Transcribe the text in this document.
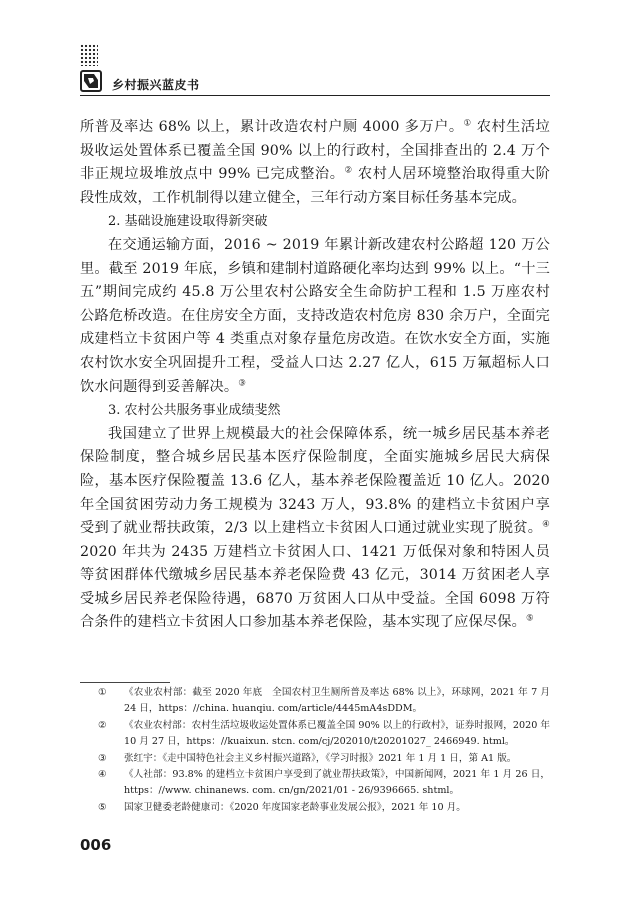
乡村振兴蓝皮书

所普及率达 68% 以上，累计改造农村户厕 4000 多万户。① 农村生活垃圾收运处置体系已覆盖全国 90% 以上的行政村，全国排查出的 2.4 万个非正规垃圾堆放点中 99% 已完成整治。② 农村人居环境整治取得重大阶段性成效，工作机制得以建立健全，三年行动方案目标任务基本完成。

2. 基础设施建设取得新突破

在交通运输方面，2016 ~ 2019 年累计新改建农村公路超 120 万公里。截至 2019 年底，乡镇和建制村道路硬化率均达到 99% 以上。“十三五”期间完成约 45.8 万公里农村公路安全生命防护工程和 1.5 万座农村公路危桥改造。在住房安全方面，支持改造农村危房 830 余万户，全面完成建档立卡贫困户等 4 类重点对象存量危房改造。在饮水安全方面，实施农村饮水安全巩固提升工程，受益人口达 2.27 亿人，615 万氟超标人口饮水问题得到妥善解决。③

3. 农村公共服务事业成绩斐然

我国建立了世界上规模最大的社会保障体系，统一城乡居民基本养老保险制度，整合城乡居民基本医疗保险制度，全面实施城乡居民大病保险，基本医疗保险覆盖 13.6 亿人，基本养老保险覆盖近 10 亿人。2020 年全国贫困劳动力务工规模为 3243 万人，93.8% 的建档立卡贫困户享受到了就业帮扶政策，2/3 以上建档立卡贫困人口通过就业实现了脱贫。④ 2020 年共为 2435 万建档立卡贫困人口、1421 万低保对象和特困人员等贫困群体代缴城乡居民基本养老保险费 43 亿元，3014 万贫困老人享受城乡居民养老保险待遇，6870 万贫困人口从中受益。全国 6098 万符合条件的建档立卡贫困人口参加基本养老保险，基本实现了应保尽保。⑤

① 《农业农村部：截至 2020 年底　全国农村卫生厕所普及率达 68% 以上》，环球网，2021 年 7 月 24 日，https：//china. huanqiu. com/article/4445mA4sDDM。
② 《农业农村部：农村生活垃圾收运处置体系已覆盖全国 90% 以上的行政村》，证券时报网，2020 年 10 月 27 日，https：//kuaixun. stcn. com/cj/202010/t20201027_ 2466949. html。
③ 张红宇：《走中国特色社会主义乡村振兴道路》，《学习时报》2021 年 1 月 1 日，第 A1 版。
④ 《人社部：93.8% 的建档立卡贫困户享受到了就业帮扶政策》，中国新闻网，2021 年 1 月 26 日，https：//www. chinanews. com. cn/gn/2021/01 - 26/9396665. shtml。
⑤ 国家卫健委老龄健康司：《2020 年度国家老龄事业发展公报》，2021 年 10 月。
006
